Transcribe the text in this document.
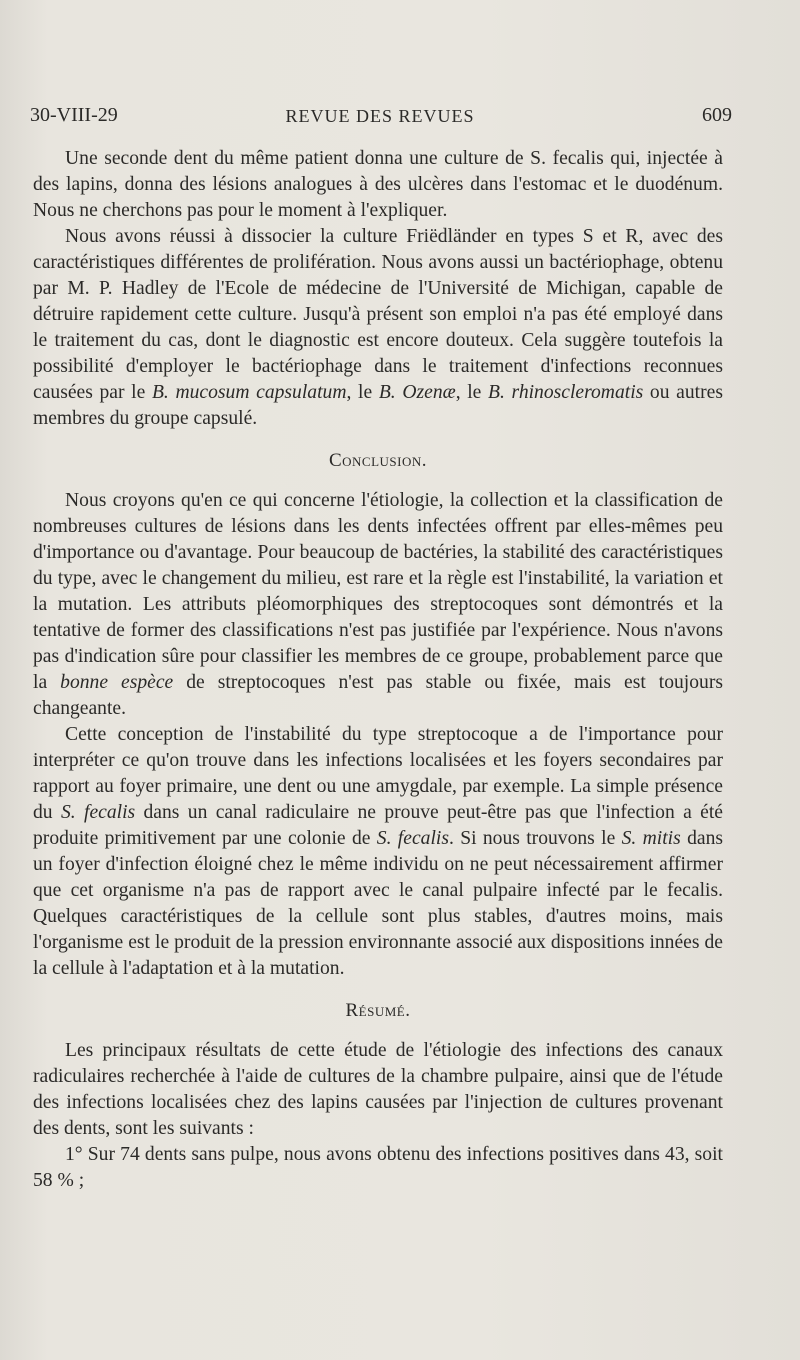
30-VIII-29	REVUE DES REVUES	609

Une seconde dent du même patient donna une culture de S. fecalis qui, injectée à des lapins, donna des lésions analogues à des ulcères dans l'estomac et le duodénum. Nous ne cherchons pas pour le moment à l'expliquer.

Nous avons réussi à dissocier la culture Friëdländer en types S et R, avec des caractéristiques différentes de prolifération. Nous avons aussi un bactériophage, obtenu par M. P. Hadley de l'Ecole de médecine de l'Université de Michigan, capable de détruire rapidement cette culture. Jusqu'à présent son emploi n'a pas été employé dans le traitement du cas, dont le diagnostic est encore douteux. Cela suggère toutefois la possibilité d'employer le bactériophage dans le traitement d'infections reconnues causées par le B. mucosum capsulatum, le B. Ozenæ, le B. rhinoscleromatis ou autres membres du groupe capsulé.

Conclusion.

Nous croyons qu'en ce qui concerne l'étiologie, la collection et la classification de nombreuses cultures de lésions dans les dents infectées offrent par elles-mêmes peu d'importance ou d'avantage. Pour beaucoup de bactéries, la stabilité des caractéristiques du type, avec le changement du milieu, est rare et la règle est l'instabilité, la variation et la mutation. Les attributs pléomorphiques des streptocoques sont démontrés et la tentative de former des classifications n'est pas justifiée par l'expérience. Nous n'avons pas d'indication sûre pour classifier les membres de ce groupe, probablement parce que la bonne espèce de streptocoques n'est pas stable ou fixée, mais est toujours changeante.

Cette conception de l'instabilité du type streptocoque a de l'importance pour interpréter ce qu'on trouve dans les infections localisées et les foyers secondaires par rapport au foyer primaire, une dent ou une amygdale, par exemple. La simple présence du S. fecalis dans un canal radiculaire ne prouve peut-être pas que l'infection a été produite primitivement par une colonie de S. fecalis. Si nous trouvons le S. mitis dans un foyer d'infection éloigné chez le même individu on ne peut nécessairement affirmer que cet organisme n'a pas de rapport avec le canal pulpaire infecté par le fecalis. Quelques caractéristiques de la cellule sont plus stables, d'autres moins, mais l'organisme est le produit de la pression environnante associé aux dispositions innées de la cellule à l'adaptation et à la mutation.

Résumé.

Les principaux résultats de cette étude de l'étiologie des infections des canaux radiculaires recherchée à l'aide de cultures de la chambre pulpaire, ainsi que de l'étude des infections localisées chez des lapins causées par l'injection de cultures provenant des dents, sont les suivants :

1° Sur 74 dents sans pulpe, nous avons obtenu des infections positives dans 43, soit 58 % ;
